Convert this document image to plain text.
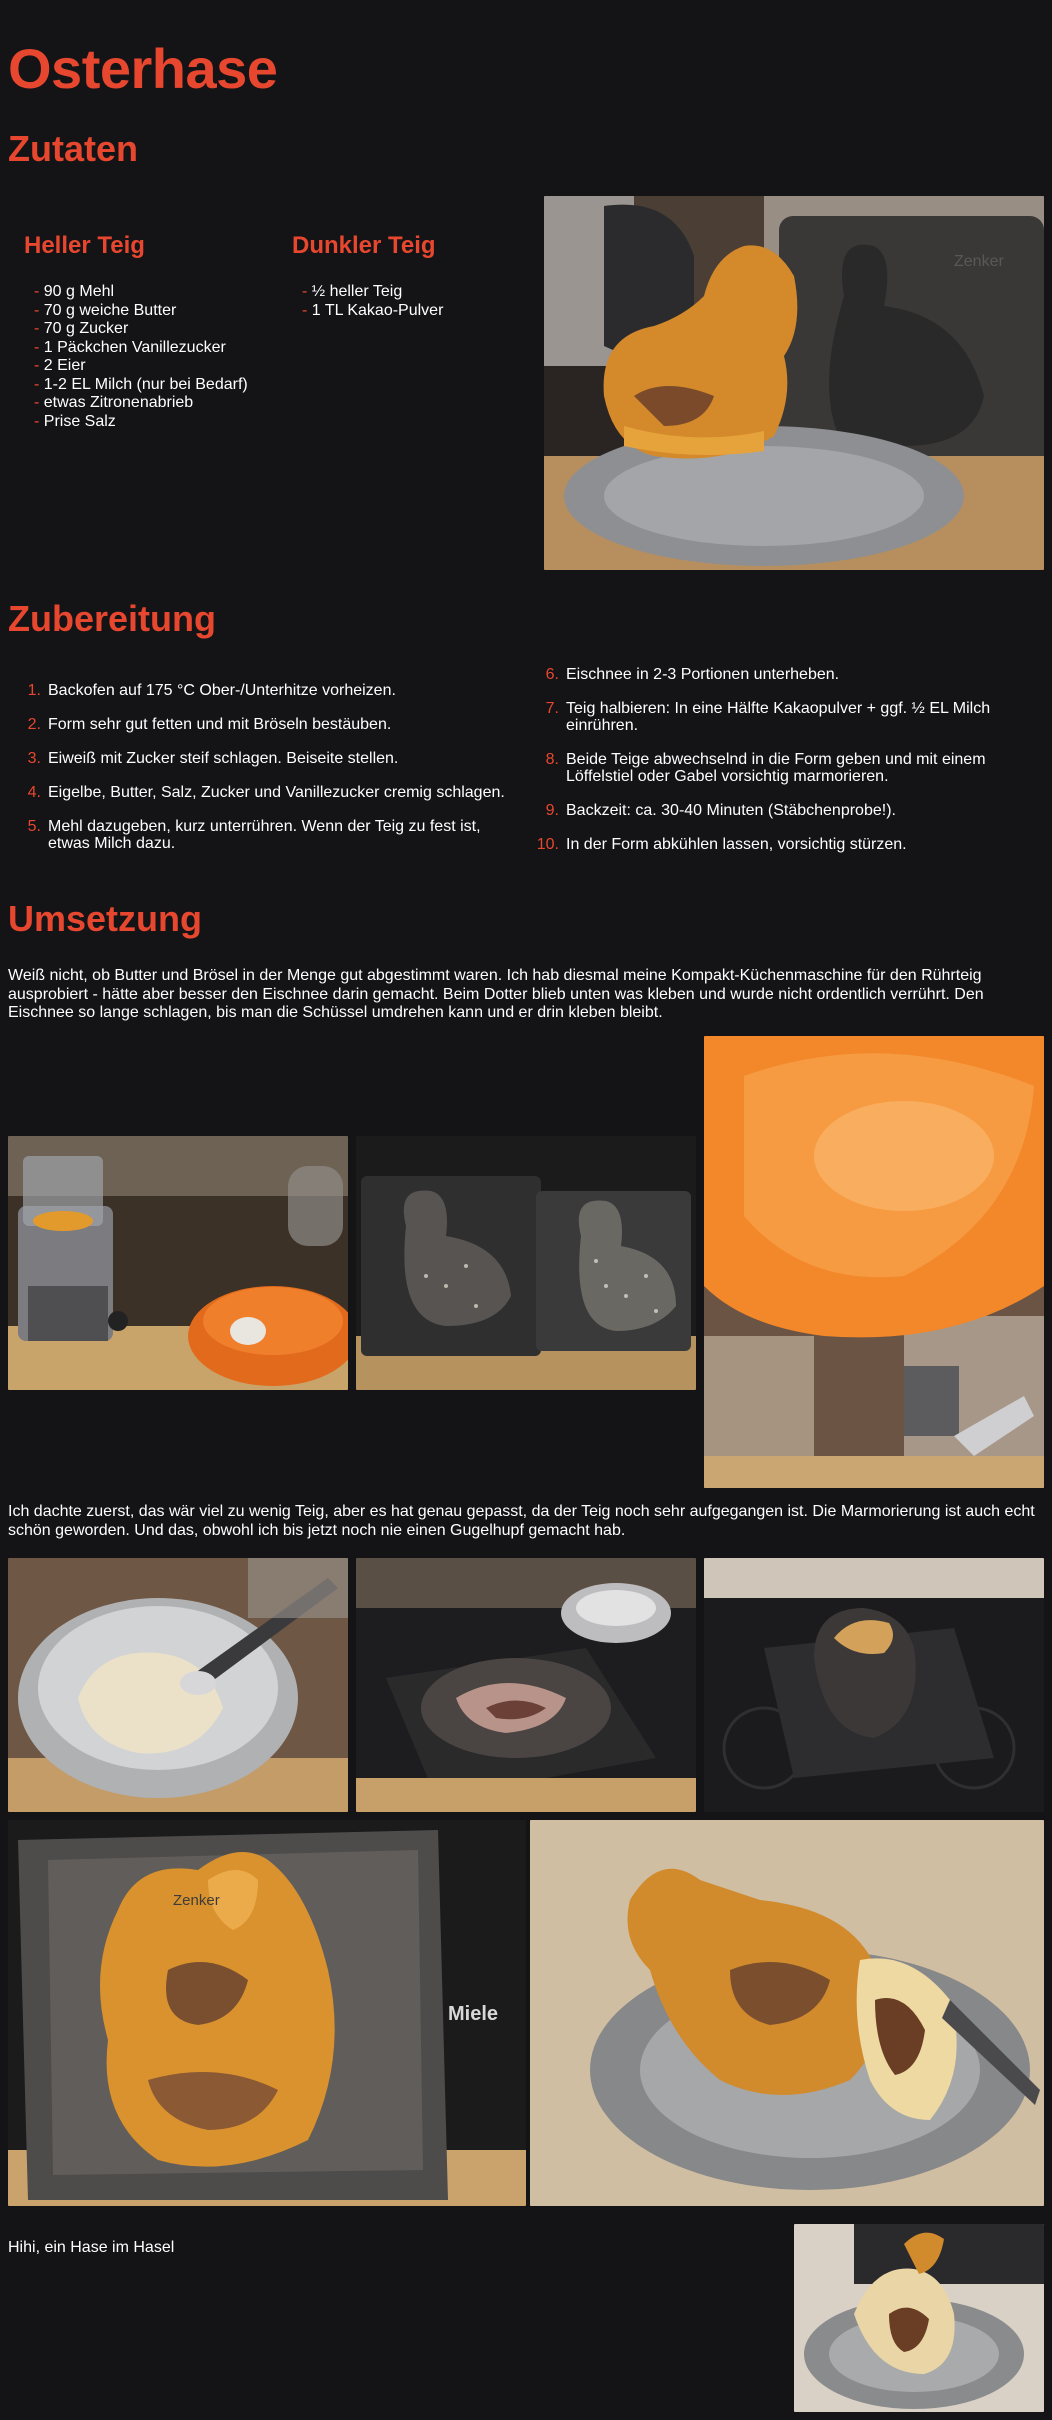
Osterhase
Zutaten
Heller Teig
- 90 g Mehl
- 70 g weiche Butter
- 70 g Zucker
- 1 Päckchen Vanillezucker
- 2 Eier
- 1-2 EL Milch (nur bei Bedarf)
- etwas Zitronenabrieb
- Prise Salz
Dunkler Teig
- ½ heller Teig
- 1 TL Kakao-Pulver
Zenker
Zubereitung
1. Backofen auf 175 °C Ober-/Unterhitze vorheizen.
2. Form sehr gut fetten und mit Bröseln bestäuben.
3. Eiweiß mit Zucker steif schlagen. Beiseite stellen.
4. Eigelbe, Butter, Salz, Zucker und Vanillezucker cremig schlagen.
5. Mehl dazugeben, kurz unterrühren. Wenn der Teig zu fest ist, etwas Milch dazu.
6. Eischnee in 2-3 Portionen unterheben.
7. Teig halbieren: In eine Hälfte Kakaopulver + ggf. ½ EL Milch einrühren.
8. Beide Teige abwechselnd in die Form geben und mit einem Löffelstiel oder Gabel vorsichtig marmorieren.
9. Backzeit: ca. 30-40 Minuten (Stäbchenprobe!).
10. In der Form abkühlen lassen, vorsichtig stürzen.
Umsetzung

Weiß nicht, ob Butter und Brösel in der Menge gut abgestimmt waren. Ich hab diesmal meine Kompakt-Küchenmaschine für den Rührteig ausprobiert - hätte aber besser den Eischnee darin gemacht. Beim Dotter blieb unten was kleben und wurde nicht ordentlich verrührt. Den Eischnee so lange schlagen, bis man die Schüssel umdrehen kann und er drin kleben bleibt.

Ich dachte zuerst, das wär viel zu wenig Teig, aber es hat genau gepasst, da der Teig noch sehr aufgegangen ist. Die Marmorierung ist auch echt schön geworden. Und das, obwohl ich bis jetzt noch nie einen Gugelhupf gemacht hab.

Miele
Zenker

Hihi, ein Hase im Hasel
